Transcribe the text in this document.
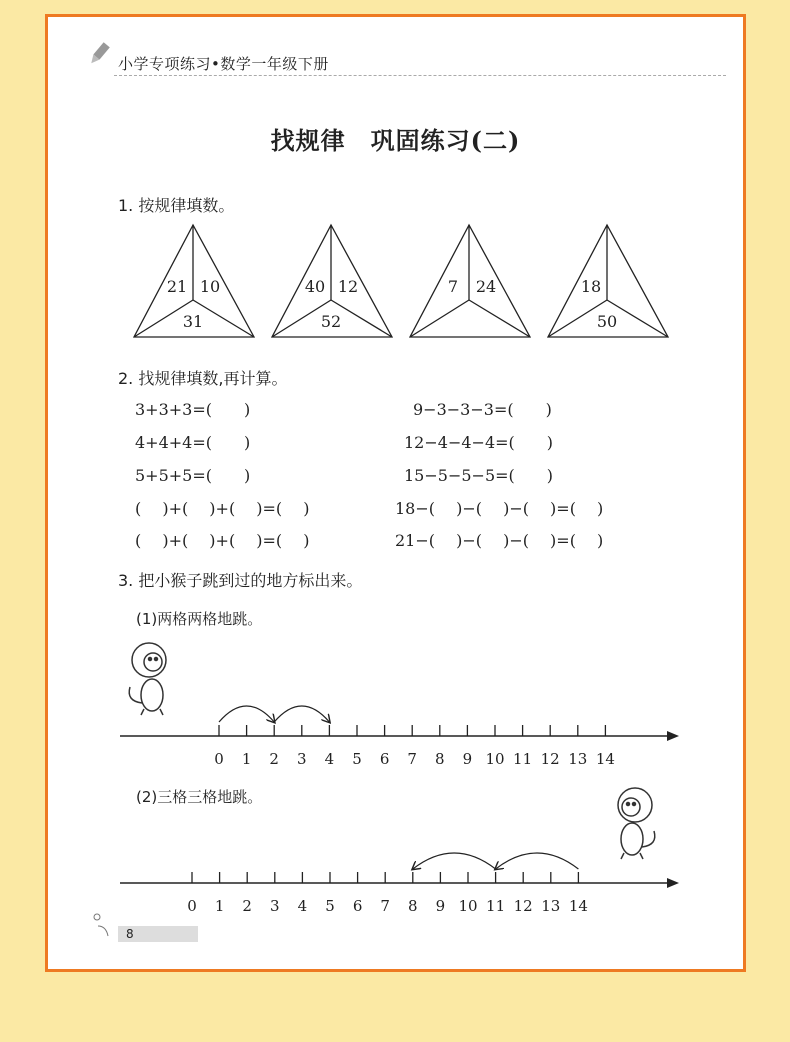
小学专项练习•数学一年级下册
找规律　巩固练习(二)
1. 按规律填数。
21 10
31
40 12
52
7 24	18
50
2. 找规律填数,再计算。
3+3+3=(　　)
4+4+4=(　　)
5+5+5=(　　)
(　 )+(　 )+(　 )=(　 )
(　 )+(　 )+(　 )=(　 )
9−3−3−3=(　　)
12−4−4−4=(　　)
15−5−5−5=(　　)
18−(　 )−(　 )−(　 )=(　 )
21−(　 )−(　 )−(　 )=(　 )
3. 把小猴子跳到过的地方标出来。
(1)两格两格地跳。
(2)三格三格地跳。
0 1 2 3 4 5 6 7 8 9 10 11 12 13 14
0 1 2 3 4 5 6 7 8 9 10 11 12 13 14
8
